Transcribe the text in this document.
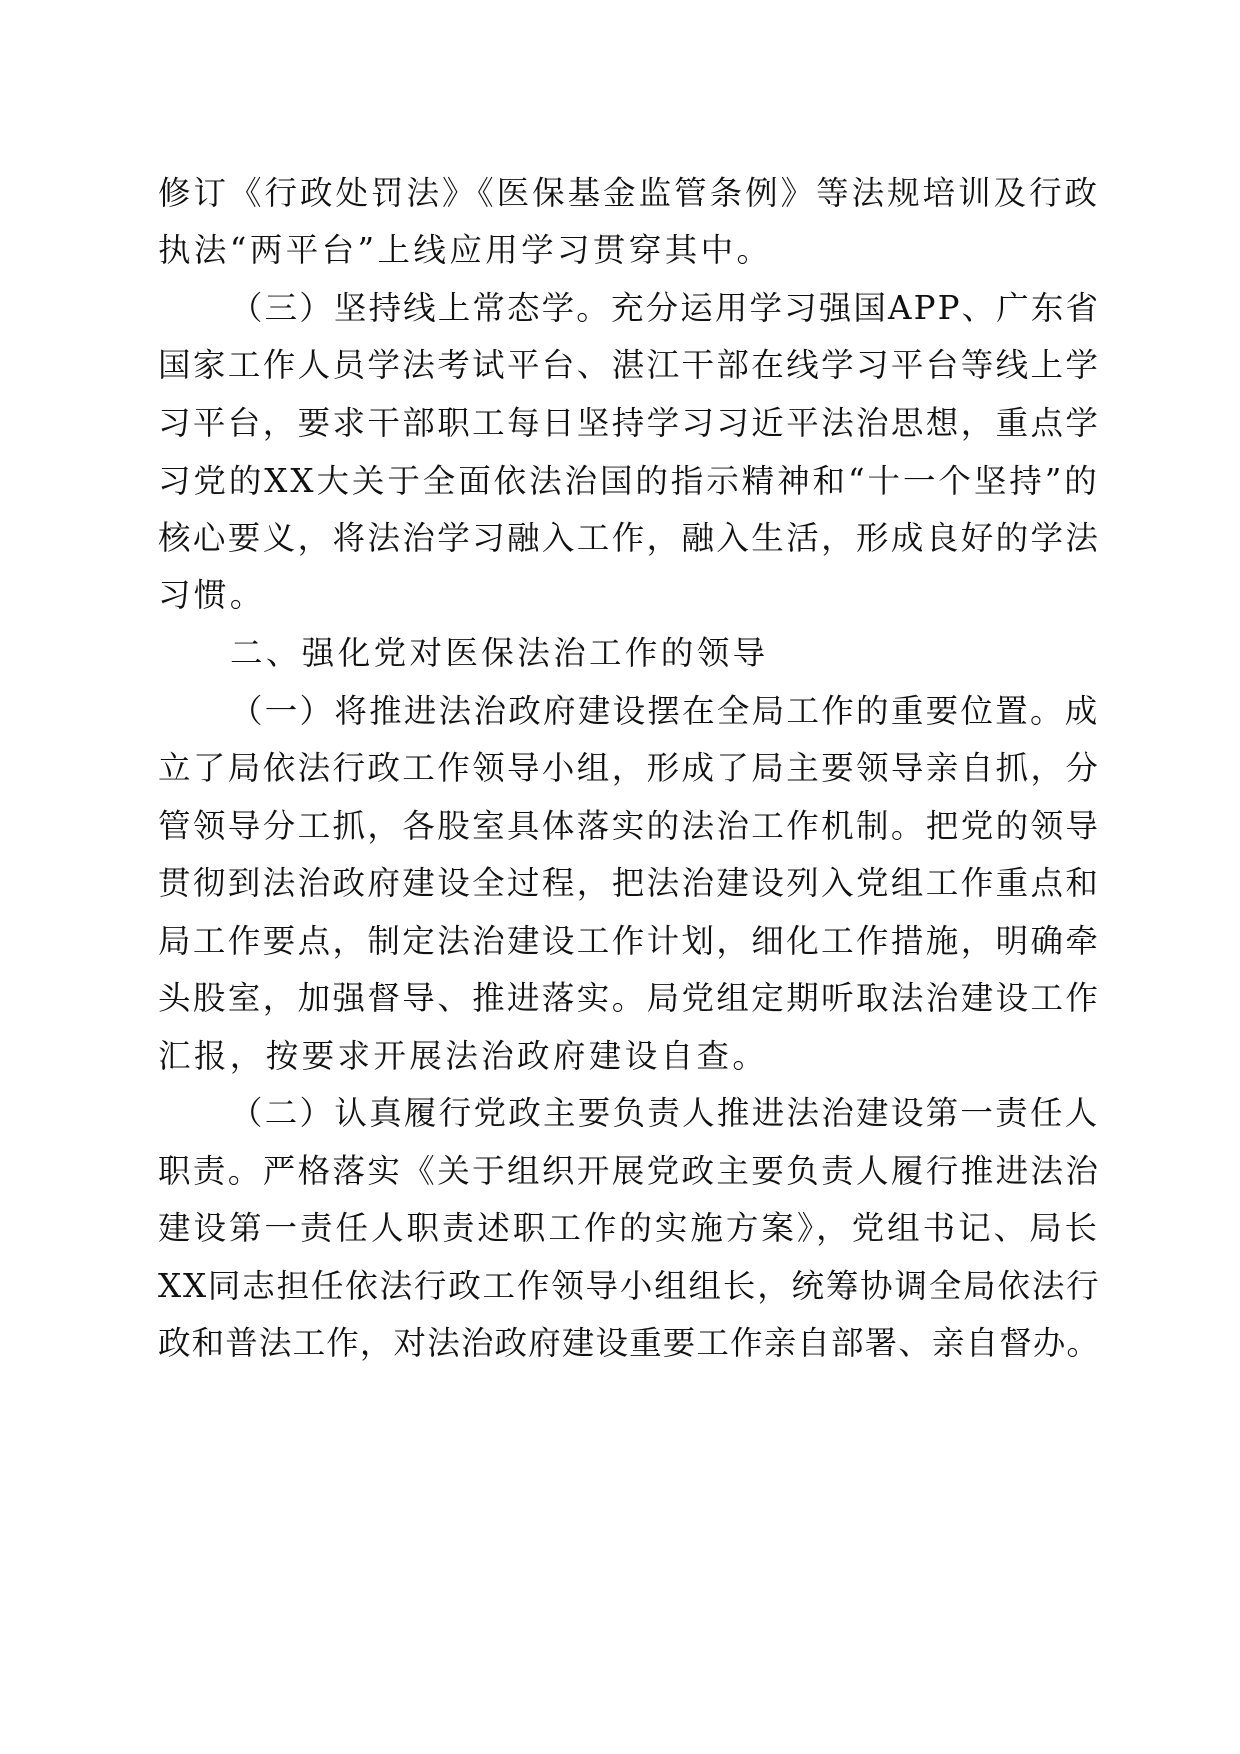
修订《行政处罚法》《医保基金监管条例》等法规培训及行政
执法“两平台”上线应用学习贯穿其中。
（三）坚持线上常态学。充分运用学习强国APP、广东省
国家工作人员学法考试平台、湛江干部在线学习平台等线上学
习平台，要求干部职工每日坚持学习习近平法治思想，重点学
习党的XX大关于全面依法治国的指示精神和“十一个坚持”的
核心要义，将法治学习融入工作，融入生活，形成良好的学法
习惯。
二、强化党对医保法治工作的领导
（一）将推进法治政府建设摆在全局工作的重要位置。成
立了局依法行政工作领导小组，形成了局主要领导亲自抓，分
管领导分工抓，各股室具体落实的法治工作机制。把党的领导
贯彻到法治政府建设全过程，把法治建设列入党组工作重点和
局工作要点，制定法治建设工作计划，细化工作措施，明确牵
头股室，加强督导、推进落实。局党组定期听取法治建设工作
汇报，按要求开展法治政府建设自查。
（二）认真履行党政主要负责人推进法治建设第一责任人
职责。严格落实《关于组织开展党政主要负责人履行推进法治
建设第一责任人职责述职工作的实施方案》，党组书记、局长
XX同志担任依法行政工作领导小组组长，统筹协调全局依法行
政和普法工作，对法治政府建设重要工作亲自部署、亲自督办。
